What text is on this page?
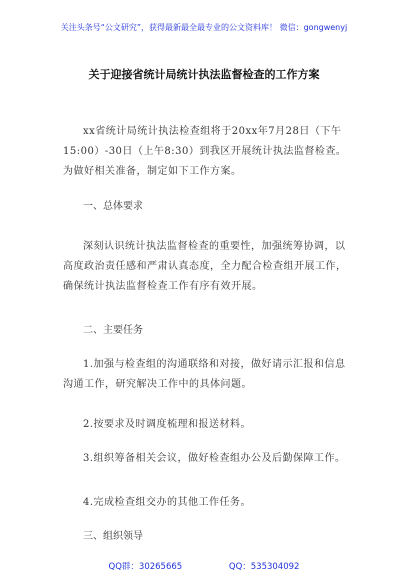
关注头条号“公文研究”，获得最新最全最专业的公文资料库！ 微信：gongwenyj
关于迎接省统计局统计执法监督检查的工作方案
xx省统计局统计执法检查组将于20xx年7月28日（下午15:00）-30日（上午8:30）到我区开展统计执法监督检查。为做好相关准备，制定如下工作方案。
一、总体要求
深刻认识统计执法监督检查的重要性，加强统筹协调，以高度政治责任感和严肃认真态度，全力配合检查组开展工作，确保统计执法监督检查工作有序有效开展。
二、主要任务
1.加强与检查组的沟通联络和对接，做好请示汇报和信息沟通工作，研究解决工作中的具体问题。
2.按要求及时调度梳理和报送材料。
3.组织筹备相关会议，做好检查组办公及后勤保障工作。
4.完成检查组交办的其他工作任务。
三、组织领导
QQ群：30265665	QQ：535304092
